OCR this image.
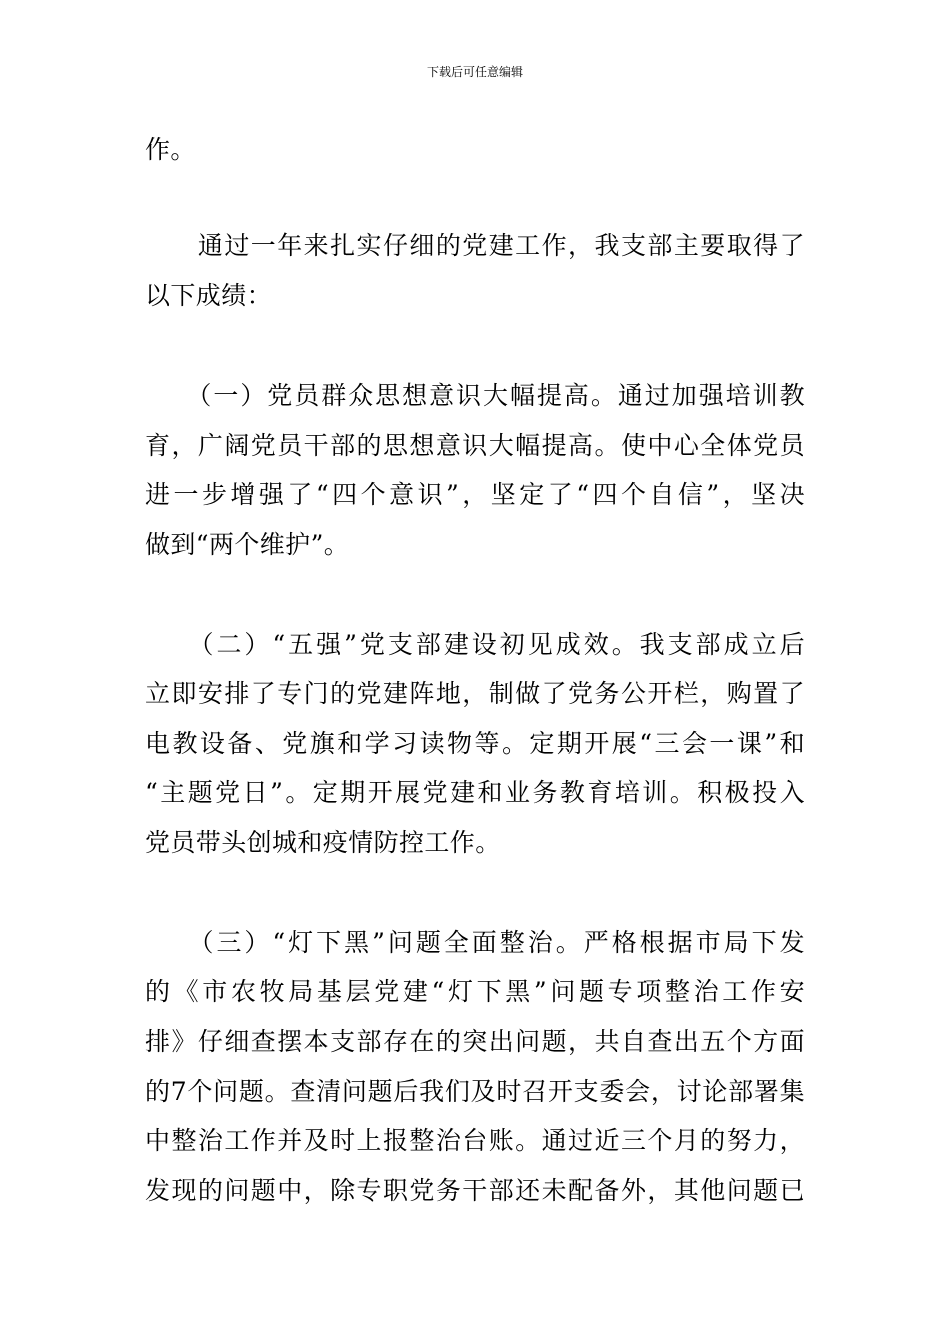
下载后可任意编辑
作。
　　通过一年来扎实仔细的党建工作，我支部主要取得了
以下成绩：
　　（一）党员群众思想意识大幅提高。通过加强培训教
育，广阔党员干部的思想意识大幅提高。使中心全体党员
进一步增强了“四个意识”，坚定了“四个自信”，坚决
做到“两个维护”。
　　（二）“五强”党支部建设初见成效。我支部成立后
立即安排了专门的党建阵地，制做了党务公开栏，购置了
电教设备、党旗和学习读物等。定期开展“三会一课”和
“主题党日”。定期开展党建和业务教育培训。积极投入
党员带头创城和疫情防控工作。
　　（三）“灯下黑”问题全面整治。严格根据市局下发
的《市农牧局基层党建“灯下黑”问题专项整治工作安
排》仔细查摆本支部存在的突出问题，共自查出五个方面
的7个问题。查清问题后我们及时召开支委会，讨论部署集
中整治工作并及时上报整治台账。通过近三个月的努力，
发现的问题中，除专职党务干部还未配备外，其他问题已
